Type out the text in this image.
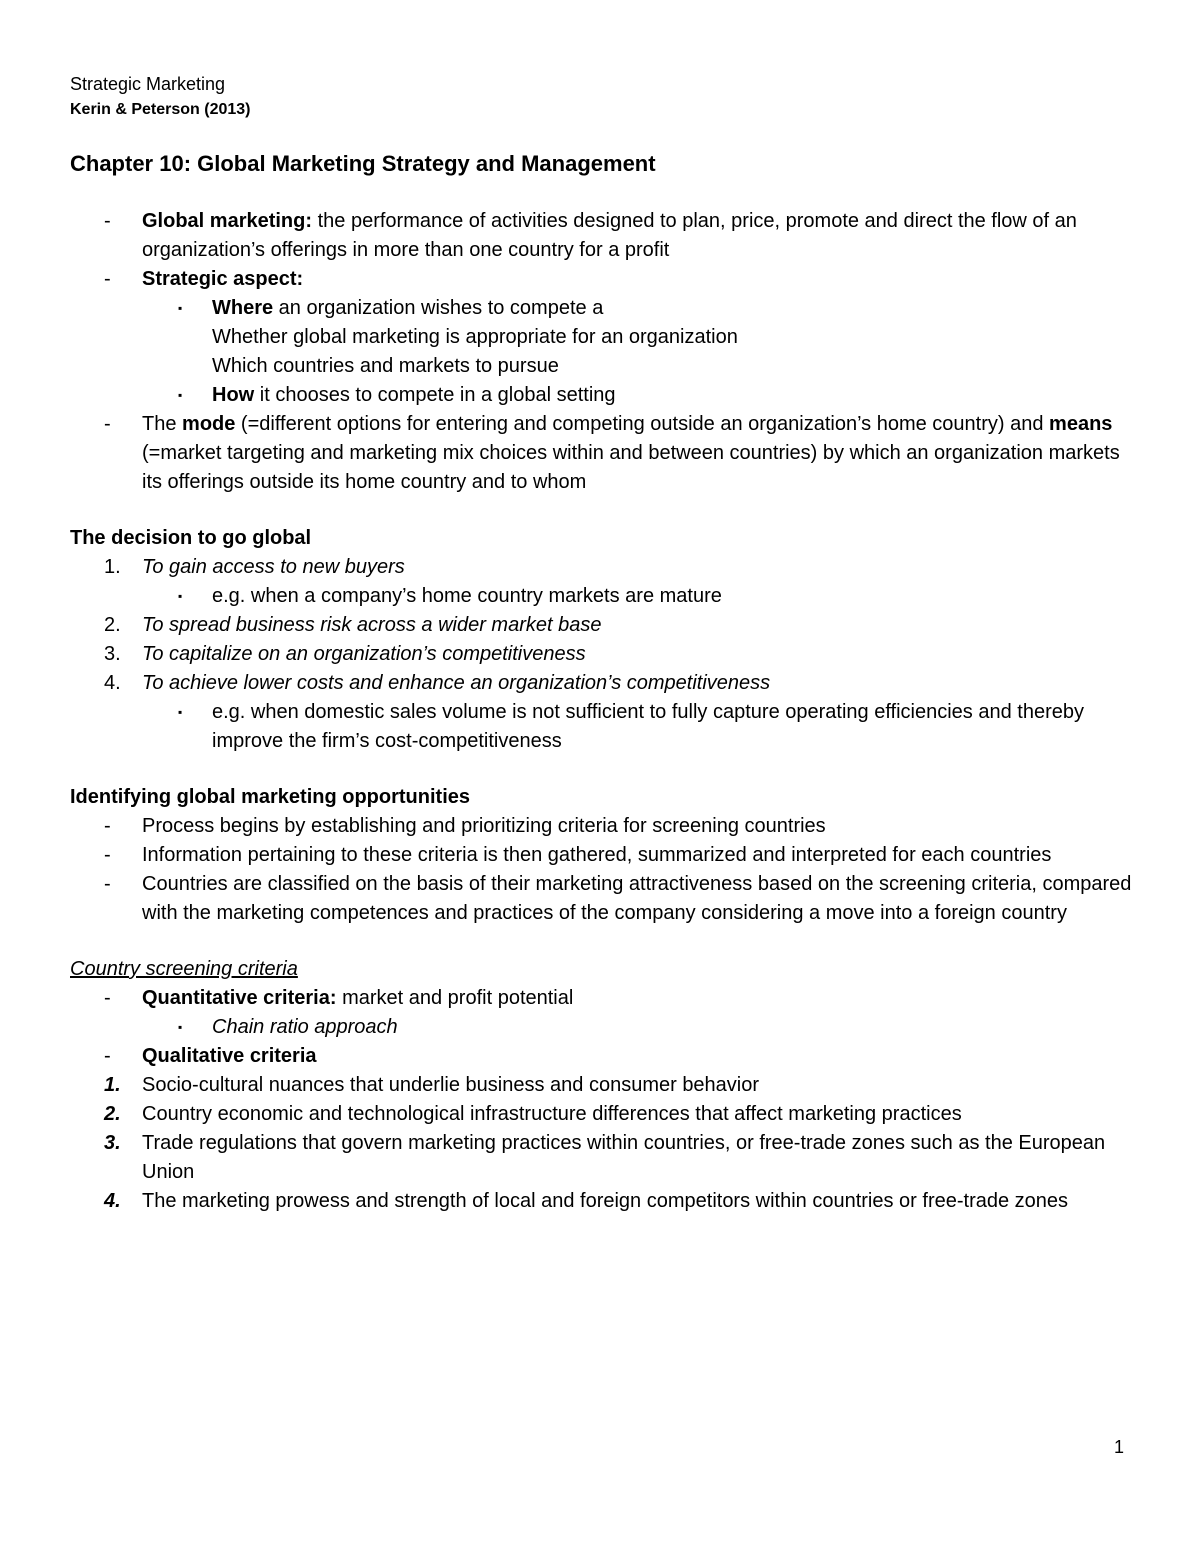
Strategic Marketing
Kerin & Peterson (2013)
Chapter 10: Global Marketing Strategy and Management
-	Global marketing: the performance of activities designed to plan, price, promote and direct the flow of an organization’s offerings in more than one country for a profit
-	Strategic aspect:
▪	Where an organization wishes to compete a
Whether global marketing is appropriate for an organization
Which countries and markets to pursue
▪	How it chooses to compete in a global setting
-	The mode (=different options for entering and competing outside an organization’s home country) and means (=market targeting and marketing mix choices within and between countries) by which an organization markets its offerings outside its home country and to whom
The decision to go global
1.	To gain access to new buyers
▪	e.g. when a company’s home country markets are mature
2.	To spread business risk across a wider market base
3.	To capitalize on an organization’s competitiveness
4.	To achieve lower costs and enhance an organization’s competitiveness
▪	e.g. when domestic sales volume is not sufficient to fully capture operating efficiencies and thereby improve the firm’s cost-competitiveness
Identifying global marketing opportunities
-	Process begins by establishing and prioritizing criteria for screening countries
-	Information pertaining to these criteria is then gathered, summarized and interpreted for each countries
-	Countries are classified on the basis of their marketing attractiveness based on the screening criteria, compared with the marketing competences and practices of the company considering a move into a foreign country
Country screening criteria
-	Quantitative criteria: market and profit potential
▪	Chain ratio approach
-	Qualitative criteria
1.	Socio-cultural nuances that underlie business and consumer behavior
2.	Country economic and technological infrastructure differences that affect marketing practices
3.	Trade regulations that govern marketing practices within countries, or free-trade zones such as the European Union
4.	The marketing prowess and strength of local and foreign competitors within countries or free-trade zones
1
